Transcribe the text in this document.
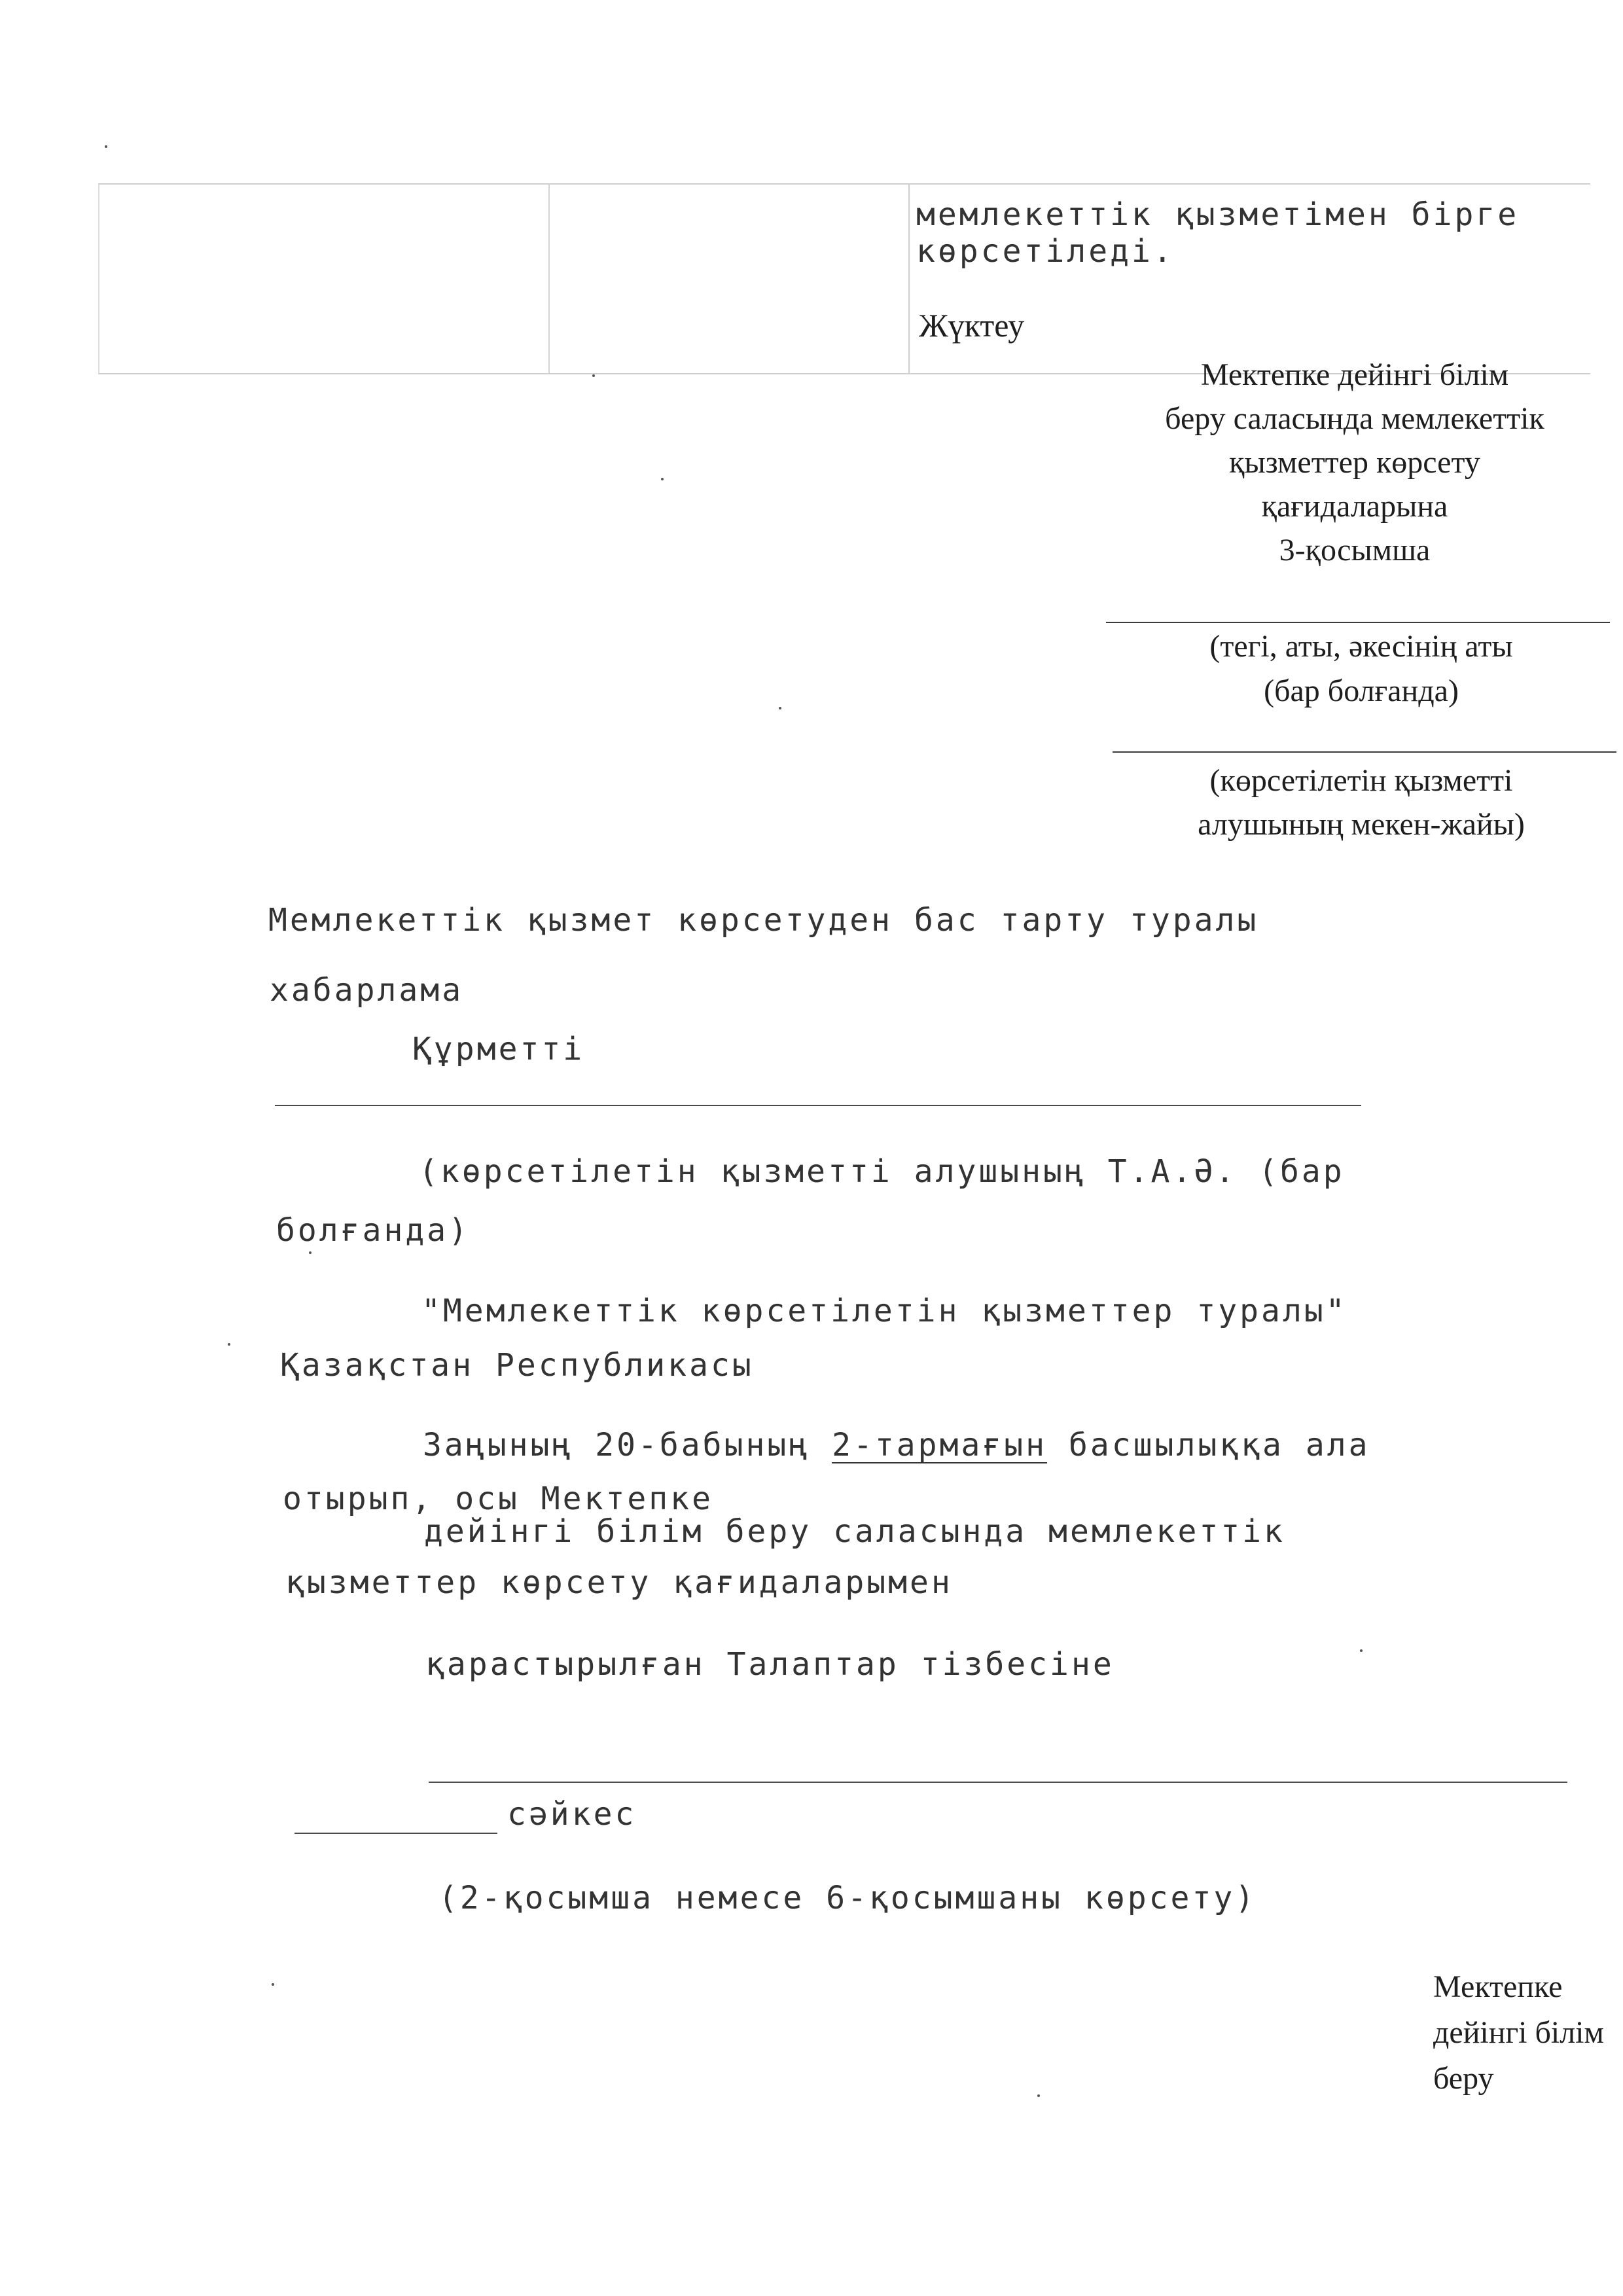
мемлекеттік қызметімен бірге
көрсетіледі.
Жүктеу
Мектепке дейінгі білім
беру саласында мемлекеттік
қызметтер көрсету
қағидаларына
3-қосымша
(тегі, аты, әкесінің аты
(бар болғанда)
(көрсетілетін қызметті
алушының мекен-жайы)
Мемлекеттік қызмет көрсетуден бас тарту туралы
хабарлама
Құрметті
(көрсетілетін қызметті алушының Т.А.Ә. (бар
болғанда)
"Мемлекеттік көрсетілетін қызметтер туралы"
Қазақстан Республикасы
Заңының 20-бабының 2-тармағын басшылыққа ала
отырып, осы Мектепке
дейінгі білім беру саласында мемлекеттік
қызметтер көрсету қағидаларымен
қарастырылған Талаптар тізбесіне
сәйкес
(2-қосымша немесе 6-қосымшаны көрсету)
Мектепке
дейінгі білім
беру
